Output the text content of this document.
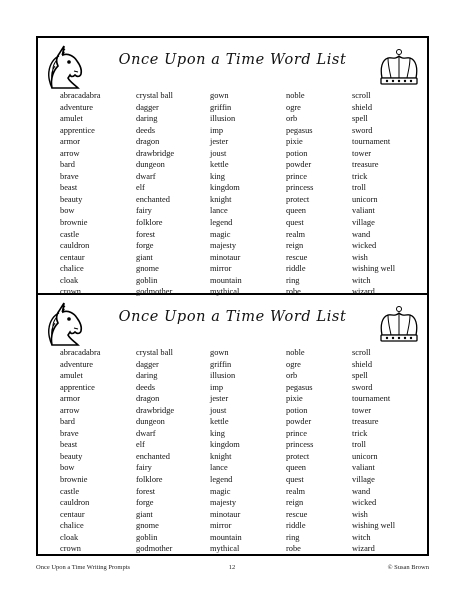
Once Upon a Time Word List
abracadabra
adventure
amulet
apprentice
armor
arrow
bard
brave
beast
beauty
bow
brownie
castle
cauldron
centaur
chalice
cloak
crown
crystal ball
dagger
daring
deeds
dragon
drawbridge
dungeon
dwarf
elf
enchanted
fairy
folklore
forest
forge
giant
gnome
goblin
godmother
gown
griffin
illusion
imp
jester
joust
kettle
king
kingdom
knight
lance
legend
magic
majesty
minotaur
mirror
mountain
mythical
noble
ogre
orb
pegasus
pixie
potion
powder
prince
princess
protect
queen
quest
realm
reign
rescue
riddle
ring
robe
scroll
shield
spell
sword
tournament
tower
treasure
trick
troll
unicorn
valiant
village
wand
wicked
wish
wishing well
witch
wizard
Once Upon a Time Word List
abracadabra
adventure
amulet
apprentice
armor
arrow
bard
brave
beast
beauty
bow
brownie
castle
cauldron
centaur
chalice
cloak
crown
crystal ball
dagger
daring
deeds
dragon
drawbridge
dungeon
dwarf
elf
enchanted
fairy
folklore
forest
forge
giant
gnome
goblin
godmother
gown
griffin
illusion
imp
jester
joust
kettle
king
kingdom
knight
lance
legend
magic
majesty
minotaur
mirror
mountain
mythical
noble
ogre
orb
pegasus
pixie
potion
powder
prince
princess
protect
queen
quest
realm
reign
rescue
riddle
ring
robe
scroll
shield
spell
sword
tournament
tower
treasure
trick
troll
unicorn
valiant
village
wand
wicked
wish
wishing well
witch
wizard
Once Upon a Time Writing Prompts	12	© Susan Brown
